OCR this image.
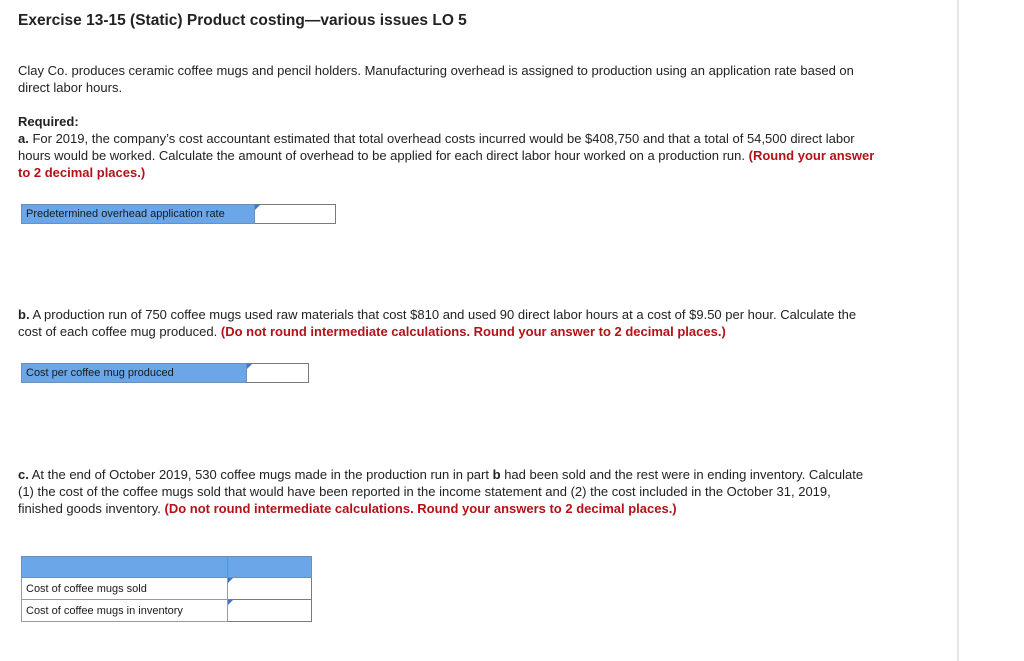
Exercise 13-15 (Static) Product costing—various issues LO 5

Clay Co. produces ceramic coffee mugs and pencil holders. Manufacturing overhead is assigned to production using an application rate based on direct labor hours.

Required:
a. For 2019, the company’s cost accountant estimated that total overhead costs incurred would be $408,750 and that a total of 54,500 direct labor hours would be worked. Calculate the amount of overhead to be applied for each direct labor hour worked on a production run. (Round your answer to 2 decimal places.)

Predetermined overhead application rate

b. A production run of 750 coffee mugs used raw materials that cost $810 and used 90 direct labor hours at a cost of $9.50 per hour. Calculate the cost of each coffee mug produced. (Do not round intermediate calculations. Round your answer to 2 decimal places.)

Cost per coffee mug produced

c. At the end of October 2019, 530 coffee mugs made in the production run in part b had been sold and the rest were in ending inventory. Calculate (1) the cost of the coffee mugs sold that would have been reported in the income statement and (2) the cost included in the October 31, 2019, finished goods inventory. (Do not round intermediate calculations. Round your answers to 2 decimal places.)

Cost of coffee mugs sold	

Cost of coffee mugs in inventory	
